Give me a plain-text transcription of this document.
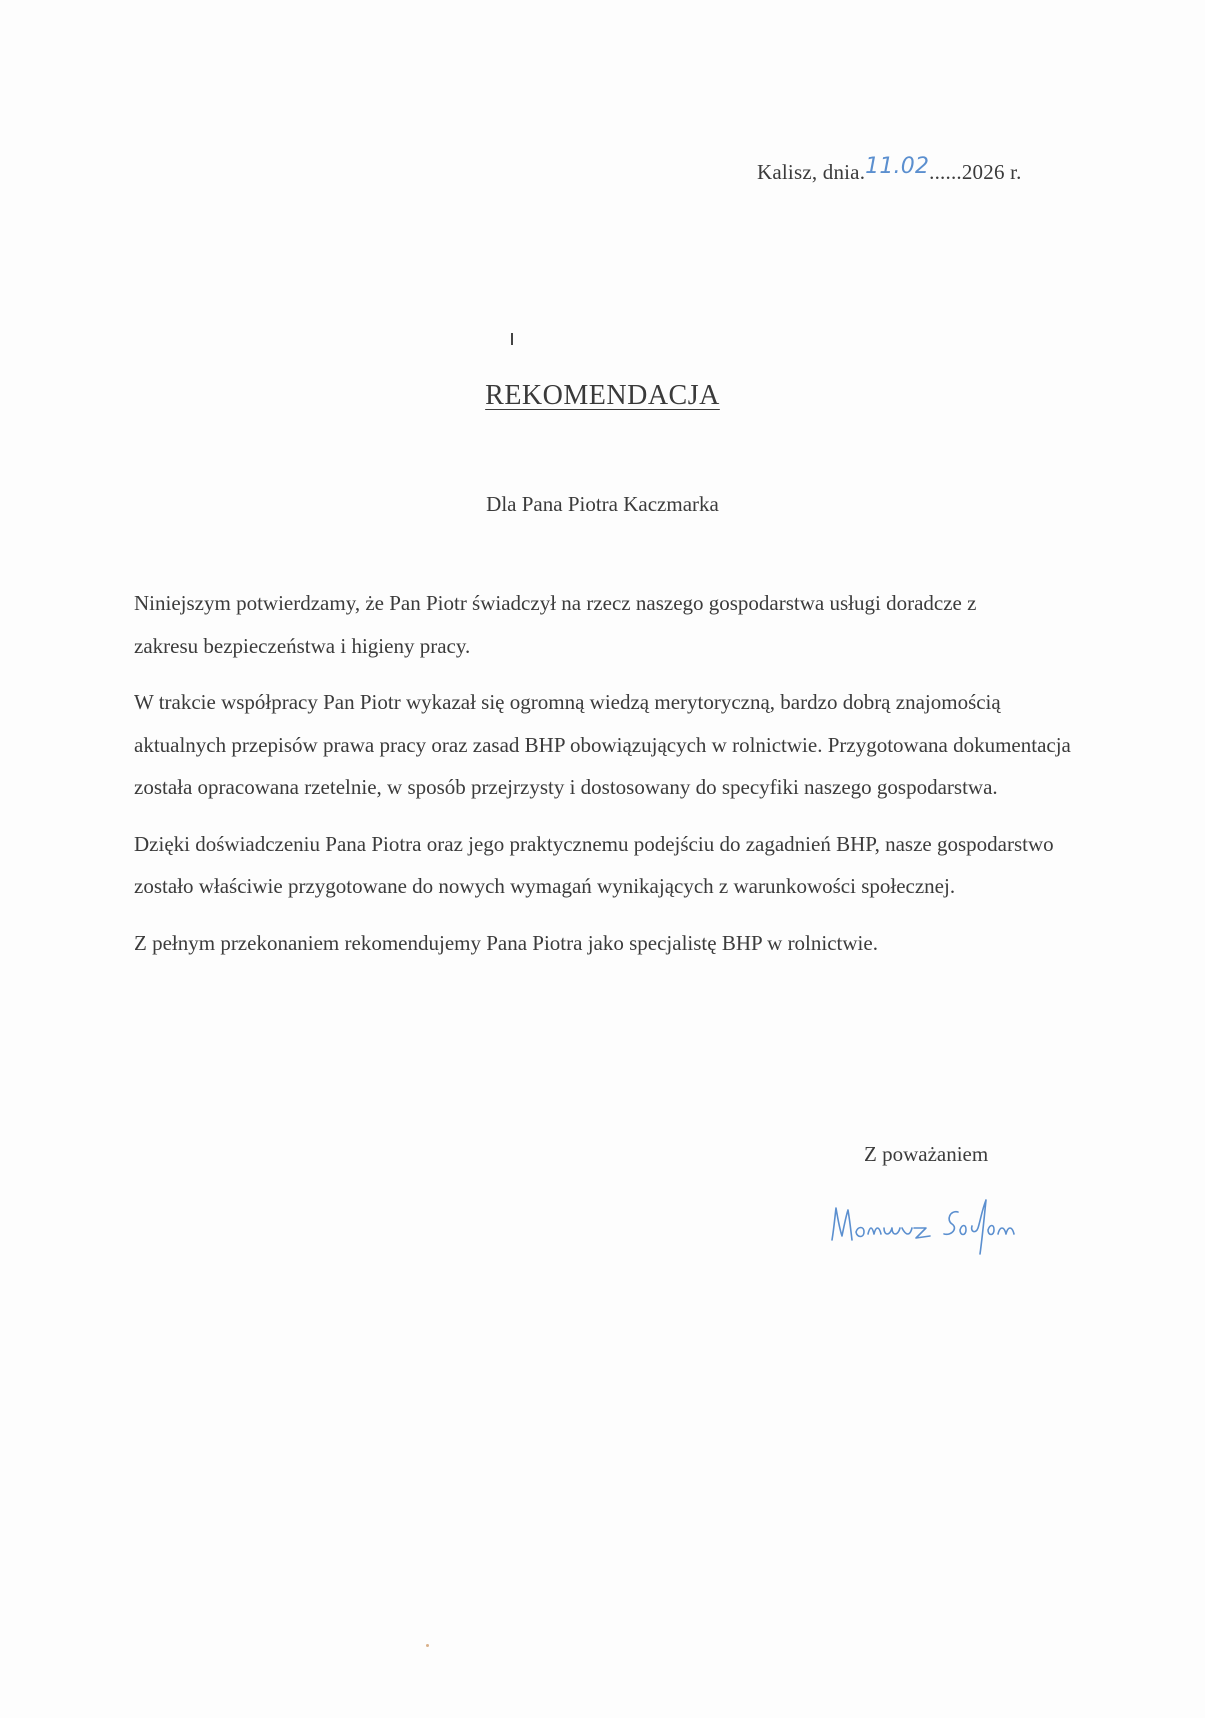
Kalisz, dnia.11.02......2026 r.
REKOMENDACJA
Dla Pana Piotra Kaczmarka

Niniejszym potwierdzamy, że Pan Piotr świadczył na rzecz naszego gospodarstwa usługi doradcze z zakresu bezpieczeństwa i higieny pracy.

W trakcie współpracy Pan Piotr wykazał się ogromną wiedzą merytoryczną, bardzo dobrą znajomością aktualnych przepisów prawa pracy oraz zasad BHP obowiązujących w rolnictwie. Przygotowana dokumentacja została opracowana rzetelnie, w sposób przejrzysty i dostosowany do specyfiki naszego gospodarstwa.

Dzięki doświadczeniu Pana Piotra oraz jego praktycznemu podejściu do zagadnień BHP, nasze gospodarstwo zostało właściwie przygotowane do nowych wymagań wynikających z warunkowości społecznej.

Z pełnym przekonaniem rekomendujemy Pana Piotra jako specjalistę BHP w rolnictwie.

Z poważaniem
